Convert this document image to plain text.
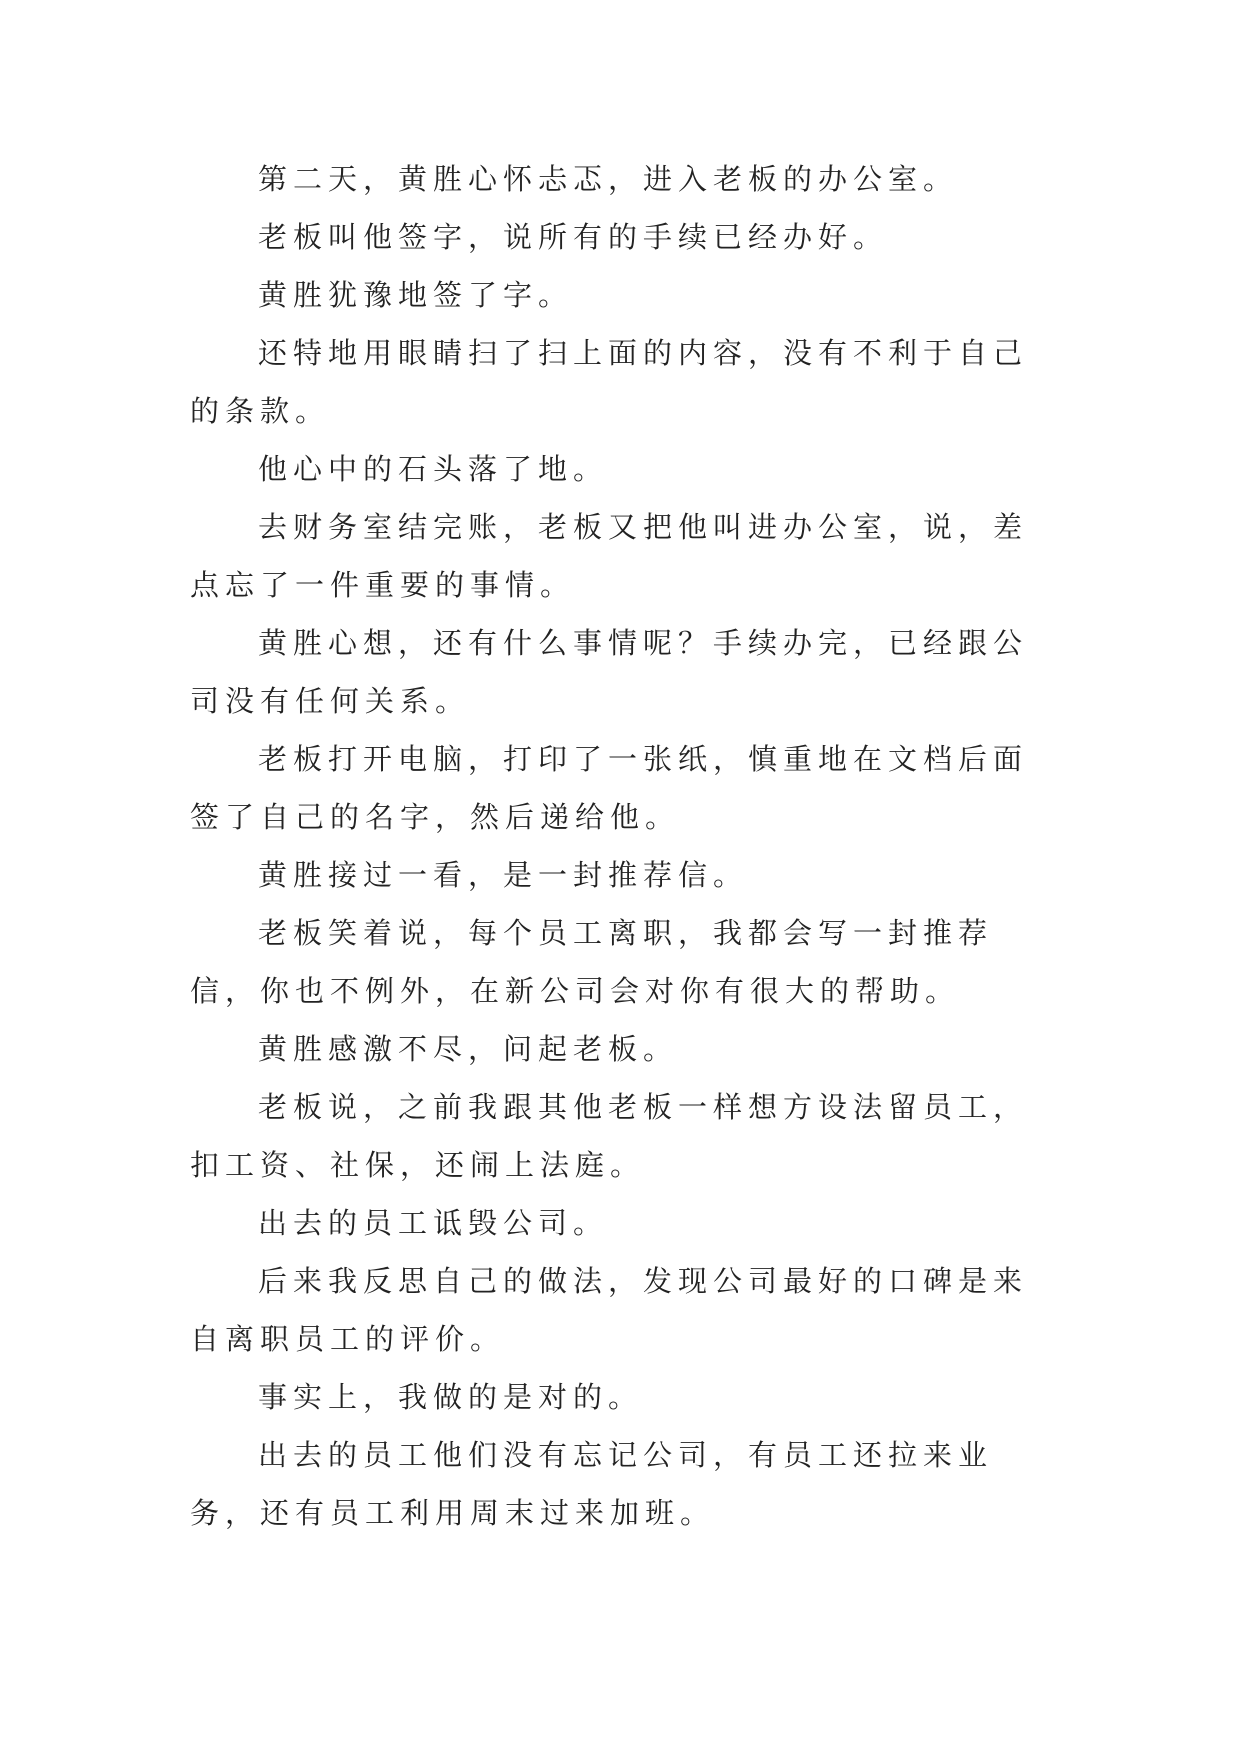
第二天，黄胜心怀忐忑，进入老板的办公室。

老板叫他签字，说所有的手续已经办好。

黄胜犹豫地签了字。

还特地用眼睛扫了扫上面的内容，没有不利于自己的条款。

他心中的石头落了地。

去财务室结完账，老板又把他叫进办公室，说，差点忘了一件重要的事情。

黄胜心想，还有什么事情呢？手续办完，已经跟公司没有任何关系。

老板打开电脑，打印了一张纸，慎重地在文档后面签了自己的名字，然后递给他。

黄胜接过一看，是一封推荐信。

老板笑着说，每个员工离职，我都会写一封推荐信，你也不例外，在新公司会对你有很大的帮助。

黄胜感激不尽，问起老板。

老板说，之前我跟其他老板一样想方设法留员工，扣工资、社保，还闹上法庭。

出去的员工诋毁公司。

后来我反思自己的做法，发现公司最好的口碑是来自离职员工的评价。

事实上，我做的是对的。

出去的员工他们没有忘记公司，有员工还拉来业务，还有员工利用周末过来加班。
